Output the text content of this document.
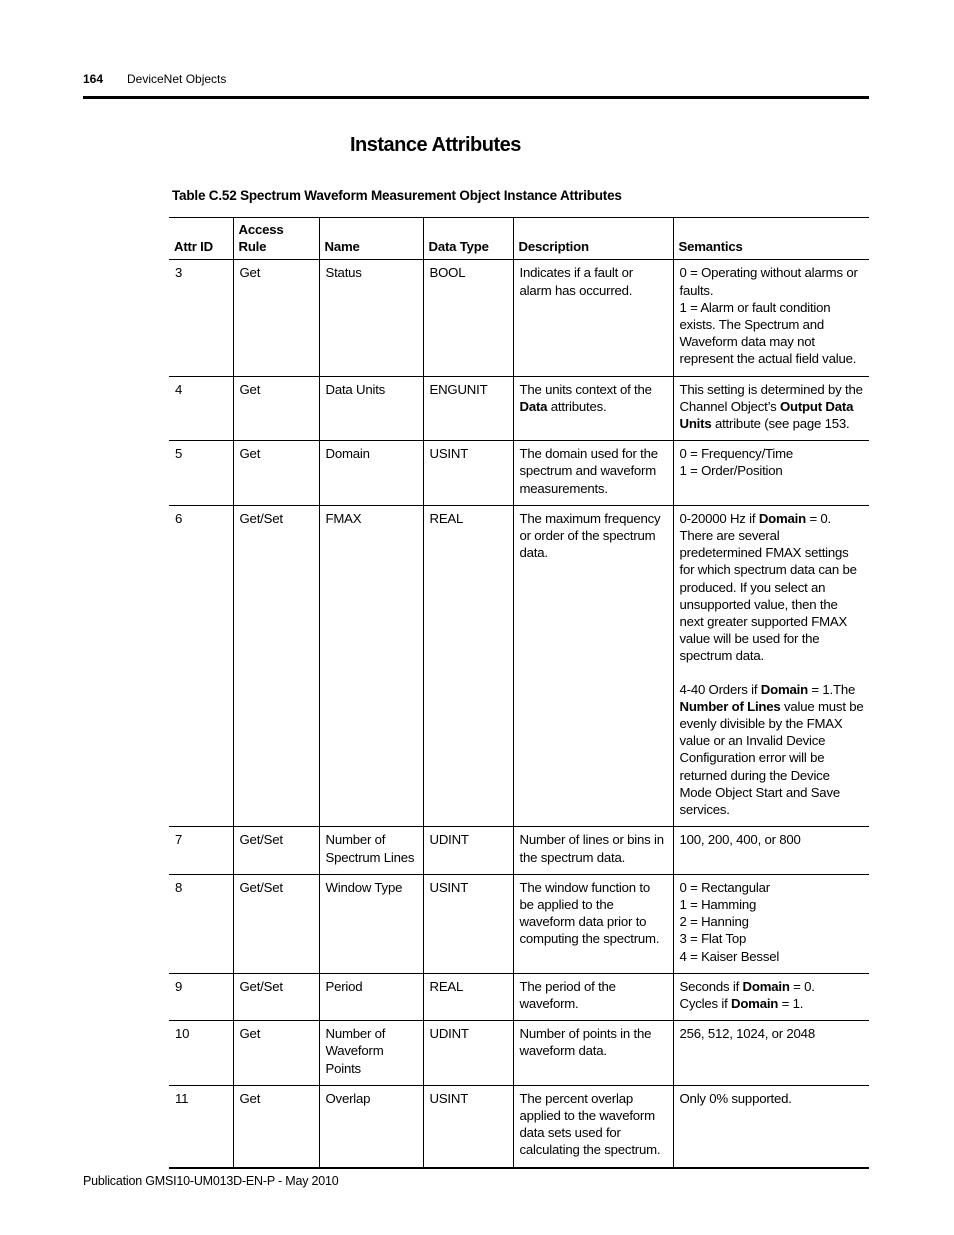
164 DeviceNet Objects
Instance Attributes
Table C.52 Spectrum Waveform Measurement Object Instance Attributes
Attr ID	Access Rule	Name	Data Type	Description	Semantics
3	Get	Status	BOOL	Indicates if a fault or alarm has occurred.	0 = Operating without alarms or faults.
1 = Alarm or fault condition exists. The Spectrum and Waveform data may not represent the actual field value.

4	Get	Data Units	ENGUNIT	The units context of the Data attributes.	This setting is determined by the Channel Object’s Output Data Units attribute (see page 153.

5	Get	Domain	USINT	The domain used for the spectrum and waveform measurements.	0 = Frequency/Time
1 = Order/Position

6	Get/Set	FMAX	REAL	The maximum frequency or order of the spectrum data.	0-20000 Hz if Domain = 0. There are several predetermined FMAX settings for which spectrum data can be produced. If you select an unsupported value, then the next greater supported FMAX value will be used for the spectrum data.
4-40 Orders if Domain = 1.The Number of Lines value must be evenly divisible by the FMAX value or an Invalid Device Configuration error will be returned during the Device Mode Object Start and Save services.

7	Get/Set	Number of Spectrum Lines	UDINT	Number of lines or bins in the spectrum data.	100, 200, 400, or 800

8	Get/Set	Window Type	USINT	The window function to be applied to the waveform data prior to computing the spectrum.	0 = Rectangular
1 = Hamming
2 = Hanning
3 = Flat Top
4 = Kaiser Bessel

9	Get/Set	Period	REAL	The period of the waveform.	Seconds if Domain = 0.
Cycles if Domain = 1.

10	Get	Number of Waveform Points	UDINT	Number of points in the waveform data.	256, 512, 1024, or 2048

11	Get	Overlap	USINT	The percent overlap applied to the waveform data sets used for calculating the spectrum.	Only 0% supported.
Publication GMSI10-UM013D-EN-P - May 2010
